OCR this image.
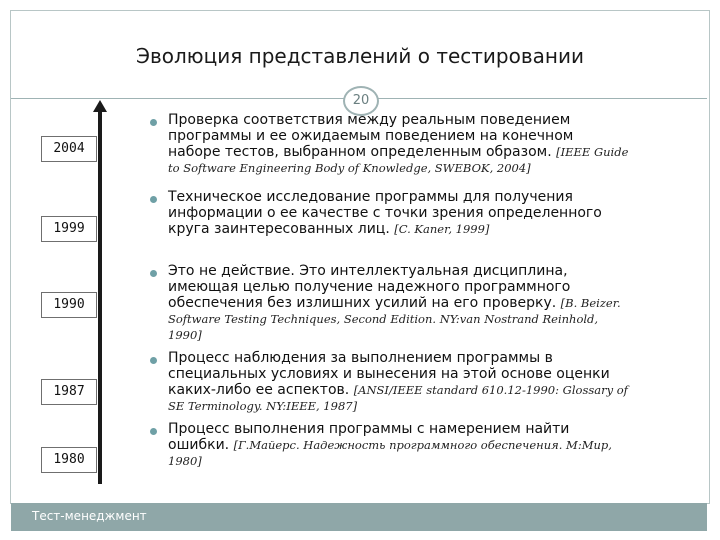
Эволюция представлений о тестировании
20
2004
1999
1990
1987
1980
Проверка соответствия между реальным поведением программы и ее ожидаемым поведением на конечном наборе тестов, выбранном определенным образом. [IEEE Guide to Software Engineering Body of Knowledge, SWEBOK, 2004]
Техническое исследование программы для получения информации о ее качестве с точки зрения определенного круга заинтересованных лиц. [C. Kaner, 1999]
Это не действие. Это интеллектуальная дисциплина, имеющая целью получение надежного программного обеспечения без излишних усилий на его проверку. [B. Beizer. Software Testing Techniques, Second Edition. NY:van Nostrand Reinhold, 1990]
Процесс наблюдения за выполнением программы в специальных условиях и вынесения на этой основе оценки каких-либо ее аспектов. [ANSI/IEEE standard 610.12-1990: Glossary of SE Terminology. NY:IEEE, 1987]
Процесс выполнения программы с намерением найти ошибки. [Г.Майерс. Надежность программного обеспечения. М:Мир, 1980]
Тест-менеджмент
